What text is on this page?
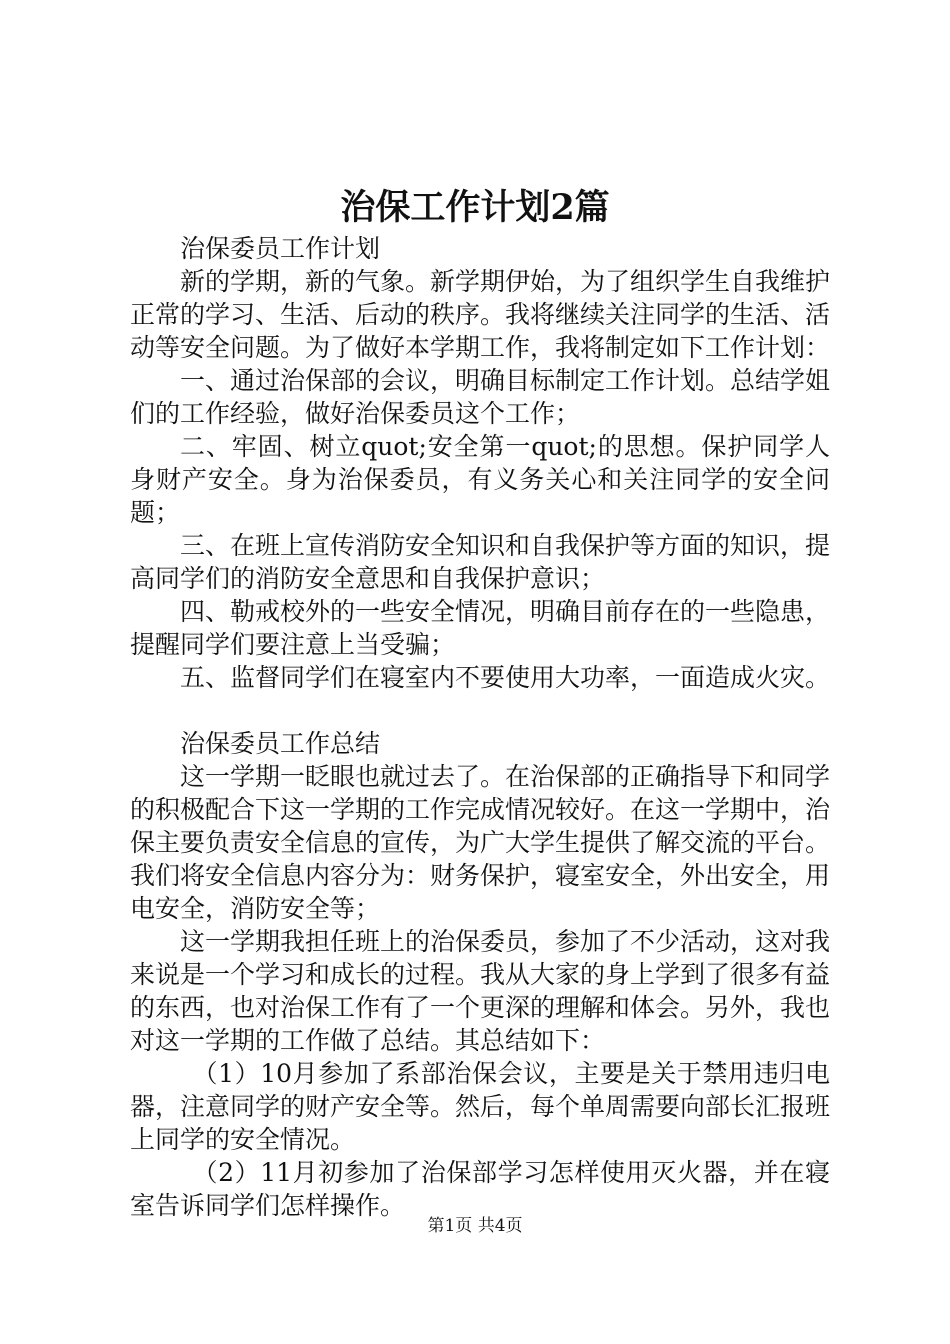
治保工作计划2篇

治保委员工作计划

新的学期，新的气象。新学期伊始，为了组织学生自我维护正常的学习、生活、后动的秩序。我将继续关注同学的生活、活动等安全问题。为了做好本学期工作，我将制定如下工作计划：

一、通过治保部的会议，明确目标制定工作计划。总结学姐们的工作经验，做好治保委员这个工作；

二、牢固、树立quot;安全第一quot;的思想。保护同学人身财产安全。身为治保委员，有义务关心和关注同学的安全问题；

三、在班上宣传消防安全知识和自我保护等方面的知识，提高同学们的消防安全意思和自我保护意识；

四、勒戒校外的一些安全情况，明确目前存在的一些隐患，提醒同学们要注意上当受骗；

五、监督同学们在寝室内不要使用大功率，一面造成火灾。

治保委员工作总结

这一学期一眨眼也就过去了。在治保部的正确指导下和同学的积极配合下这一学期的工作完成情况较好。在这一学期中，治保主要负责安全信息的宣传，为广大学生提供了解交流的平台。我们将安全信息内容分为：财务保护，寝室安全，外出安全，用电安全，消防安全等；

这一学期我担任班上的治保委员，参加了不少活动，这对我来说是一个学习和成长的过程。我从大家的身上学到了很多有益的东西，也对治保工作有了一个更深的理解和体会。另外，我也对这一学期的工作做了总结。其总结如下：

（1）10月参加了系部治保会议，主要是关于禁用违归电器，注意同学的财产安全等。然后，每个单周需要向部长汇报班上同学的安全情况。

（2）11月初参加了治保部学习怎样使用灭火器，并在寝室告诉同学们怎样操作。

第1页 共4页
